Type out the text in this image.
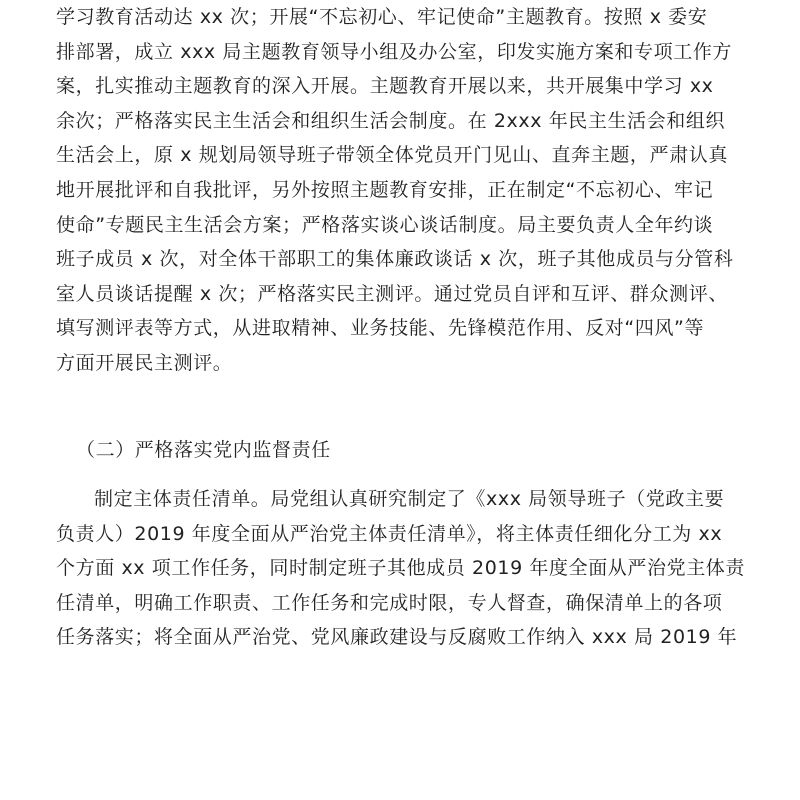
学习教育活动达 xx 次；开展“不忘初心、牢记使命”主题教育。按照 x 委安
排部署，成立 xxx 局主题教育领导小组及办公室，印发实施方案和专项工作方
案，扎实推动主题教育的深入开展。主题教育开展以来，共开展集中学习 xx
余次；严格落实民主生活会和组织生活会制度。在 2xxx 年民主生活会和组织
生活会上，原 x 规划局领导班子带领全体党员开门见山、直奔主题，严肃认真
地开展批评和自我批评，另外按照主题教育安排，正在制定“不忘初心、牢记
使命”专题民主生活会方案；严格落实谈心谈话制度。局主要负责人全年约谈
班子成员 x 次，对全体干部职工的集体廉政谈话 x 次，班子其他成员与分管科
室人员谈话提醒 x 次；严格落实民主测评。通过党员自评和互评、群众测评、
填写测评表等方式，从进取精神、业务技能、先锋模范作用、反对“四风”等
方面开展民主测评。

（二）严格落实党内监督责任

制定主体责任清单。局党组认真研究制定了《xxx 局领导班子（党政主要
负责人）2019 年度全面从严治党主体责任清单》，将主体责任细化分工为 xx
个方面 xx 项工作任务，同时制定班子其他成员 2019 年度全面从严治党主体责
任清单，明确工作职责、工作任务和完成时限，专人督查，确保清单上的各项
任务落实；将全面从严治党、党风廉政建设与反腐败工作纳入 xxx 局 2019 年
